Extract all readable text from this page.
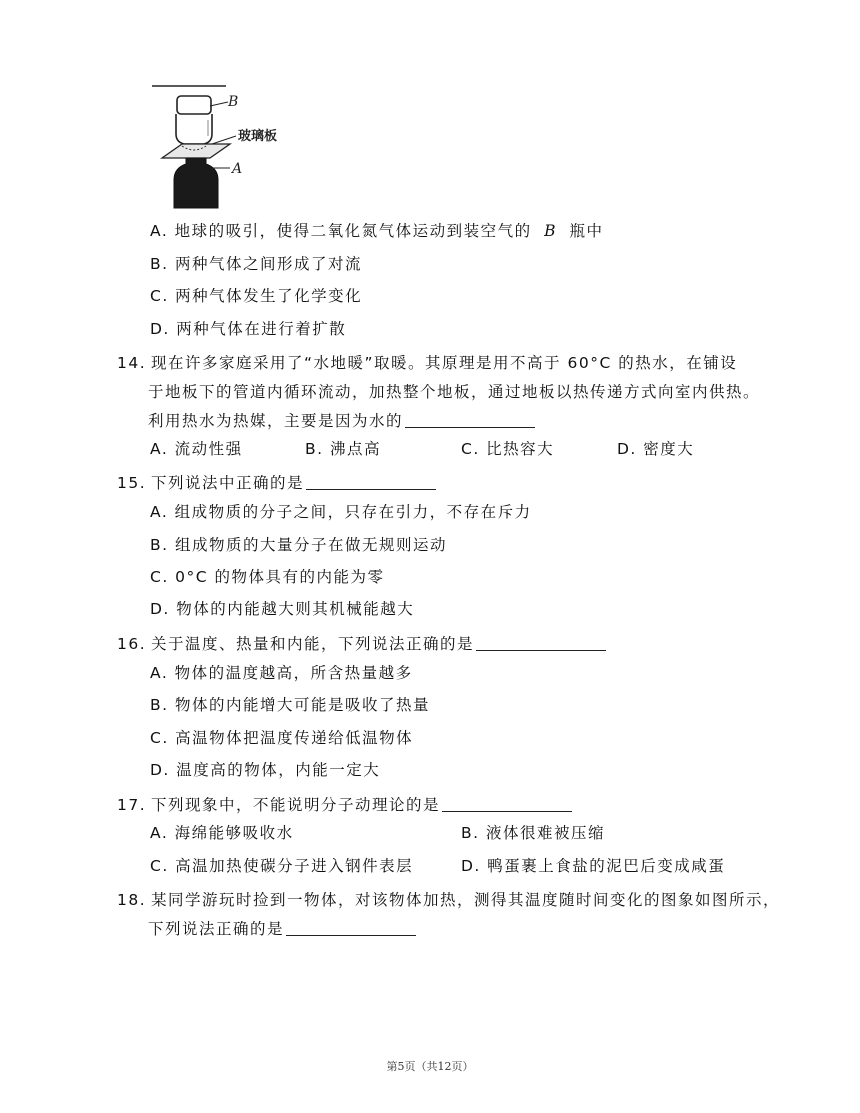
B
玻璃板
A
A. 地球的吸引，使得二氧化氮气体运动到装空气的 B 瓶中
B. 两种气体之间形成了对流
C. 两种气体发生了化学变化
D. 两种气体在进行着扩散
14. 现在许多家庭采用了“水地暖”取暖。其原理是用不高于 60°C 的热水，在铺设
于地板下的管道内循环流动，加热整个地板，通过地板以热传递方式向室内供热。
利用热水为热媒，主要是因为水的
A. 流动性强	B. 沸点高	C. 比热容大	D. 密度大
15. 下列说法中正确的是
A. 组成物质的分子之间，只存在引力，不存在斥力
B. 组成物质的大量分子在做无规则运动
C. 0°C 的物体具有的内能为零
D. 物体的内能越大则其机械能越大
16. 关于温度、热量和内能，下列说法正确的是
A. 物体的温度越高，所含热量越多
B. 物体的内能增大可能是吸收了热量
C. 高温物体把温度传递给低温物体
D. 温度高的物体，内能一定大
17. 下列现象中，不能说明分子动理论的是
A. 海绵能够吸收水	B. 液体很难被压缩
C. 高温加热使碳分子进入钢件表层	D. 鸭蛋裹上食盐的泥巴后变成咸蛋
18. 某同学游玩时捡到一物体，对该物体加热，测得其温度随时间变化的图象如图所示，
下列说法正确的是
第5页（共12页）
